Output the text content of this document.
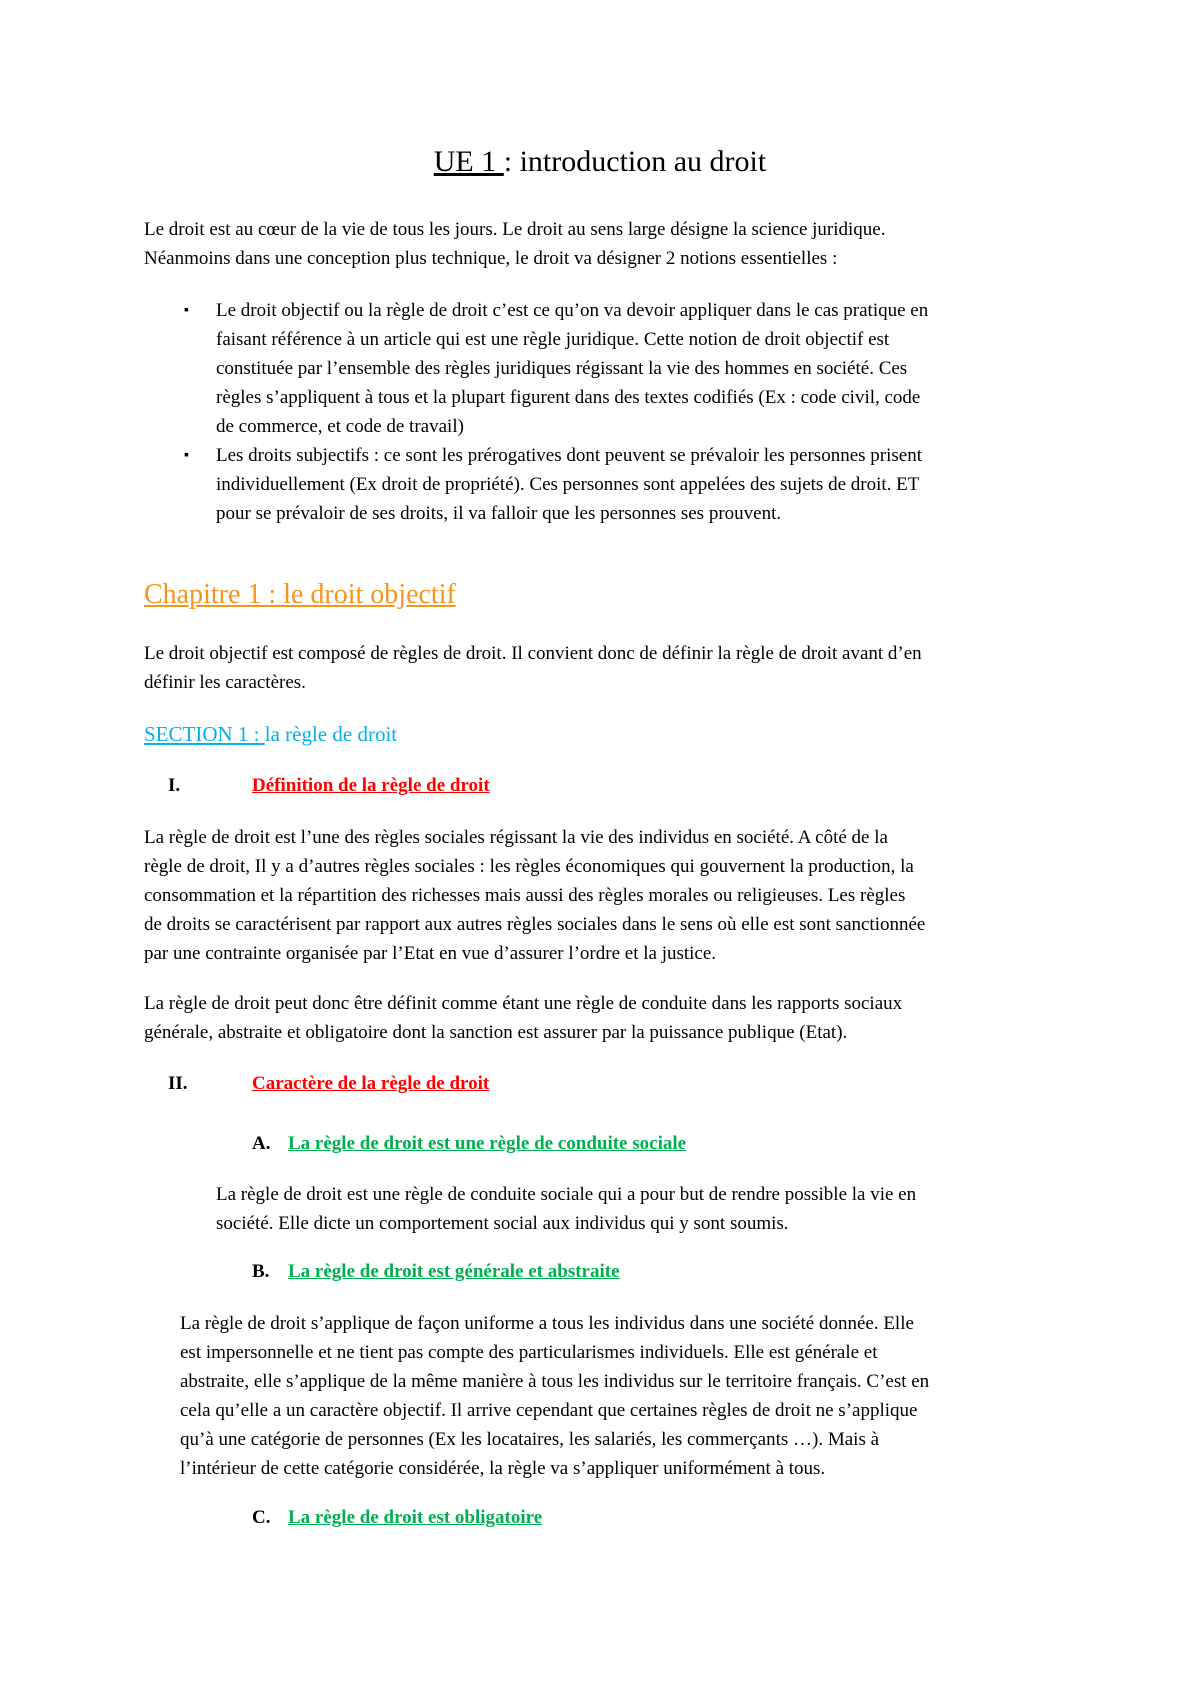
UE 1 : introduction au droit
Le droit est au cœur de la vie de tous les jours. Le droit au sens large désigne la science juridique.
Néanmoins dans une conception plus technique, le droit va désigner 2 notions essentielles :
▪ Le droit objectif ou la règle de droit c’est ce qu’on va devoir appliquer dans le cas pratique en
faisant référence à un article qui est une règle juridique. Cette notion de droit objectif est
constituée par l’ensemble des règles juridiques régissant la vie des hommes en société. Ces
règles s’appliquent à tous et la plupart figurent dans des textes codifiés (Ex : code civil, code
de commerce, et code de travail)
▪ Les droits subjectifs : ce sont les prérogatives dont peuvent se prévaloir les personnes prisent
individuellement (Ex droit de propriété). Ces personnes sont appelées des sujets de droit. ET
pour se prévaloir de ses droits, il va falloir que les personnes ses prouvent.
Chapitre 1 : le droit objectif
Le droit objectif est composé de règles de droit. Il convient donc de définir la règle de droit avant d’en
définir les caractères.
SECTION 1 : la règle de droit
I.	Définition de la règle de droit
La règle de droit est l’une des règles sociales régissant la vie des individus en société. A côté de la
règle de droit, Il y a d’autres règles sociales : les règles économiques qui gouvernent la production, la
consommation et la répartition des richesses mais aussi des règles morales ou religieuses. Les règles
de droits se caractérisent par rapport aux autres règles sociales dans le sens où elle est sont sanctionnée
par une contrainte organisée par l’Etat en vue d’assurer l’ordre et la justice.
La règle de droit peut donc être définit comme étant une règle de conduite dans les rapports sociaux
générale, abstraite et obligatoire dont la sanction est assurer par la puissance publique (Etat).
II.	Caractère de la règle de droit
A. La règle de droit est une règle de conduite sociale
La règle de droit est une règle de conduite sociale qui a pour but de rendre possible la vie en
société. Elle dicte un comportement social aux individus qui y sont soumis.
B. La règle de droit est générale et abstraite
La règle de droit s’applique de façon uniforme a tous les individus dans une société donnée. Elle
est impersonnelle et ne tient pas compte des particularismes individuels. Elle est générale et
abstraite, elle s’applique de la même manière à tous les individus sur le territoire français. C’est en
cela qu’elle a un caractère objectif. Il arrive cependant que certaines règles de droit ne s’applique
qu’à une catégorie de personnes (Ex les locataires, les salariés, les commerçants …). Mais à
l’intérieur de cette catégorie considérée, la règle va s’appliquer uniformément à tous.
C. La règle de droit est obligatoire
